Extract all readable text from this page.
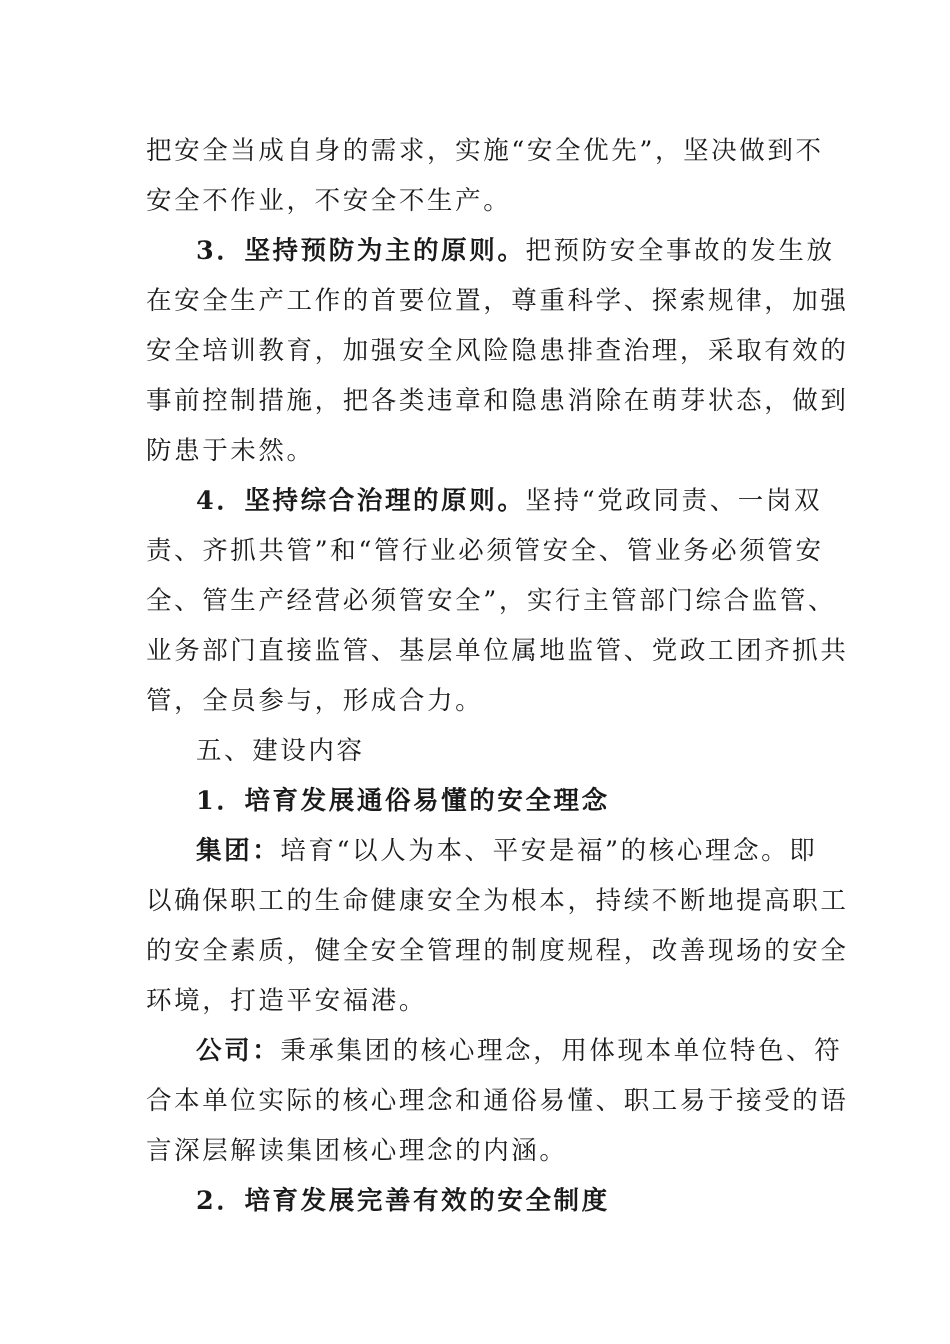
把安全当成自身的需求，实施“安全优先”，坚决做到不
安全不作业，不安全不生产。
3．坚持预防为主的原则。把预防安全事故的发生放
在安全生产工作的首要位置，尊重科学、探索规律，加强
安全培训教育，加强安全风险隐患排查治理，采取有效的
事前控制措施，把各类违章和隐患消除在萌芽状态，做到
防患于未然。
4．坚持综合治理的原则。坚持“党政同责、一岗双
责、齐抓共管”和“管行业必须管安全、管业务必须管安
全、管生产经营必须管安全”，实行主管部门综合监管、
业务部门直接监管、基层单位属地监管、党政工团齐抓共
管，全员参与，形成合力。
五、建设内容
1．培育发展通俗易懂的安全理念
集团：培育“以人为本、平安是福”的核心理念。即
以确保职工的生命健康安全为根本，持续不断地提高职工
的安全素质，健全安全管理的制度规程，改善现场的安全
环境，打造平安福港。
公司：秉承集团的核心理念，用体现本单位特色、符
合本单位实际的核心理念和通俗易懂、职工易于接受的语
言深层解读集团核心理念的内涵。
2．培育发展完善有效的安全制度
